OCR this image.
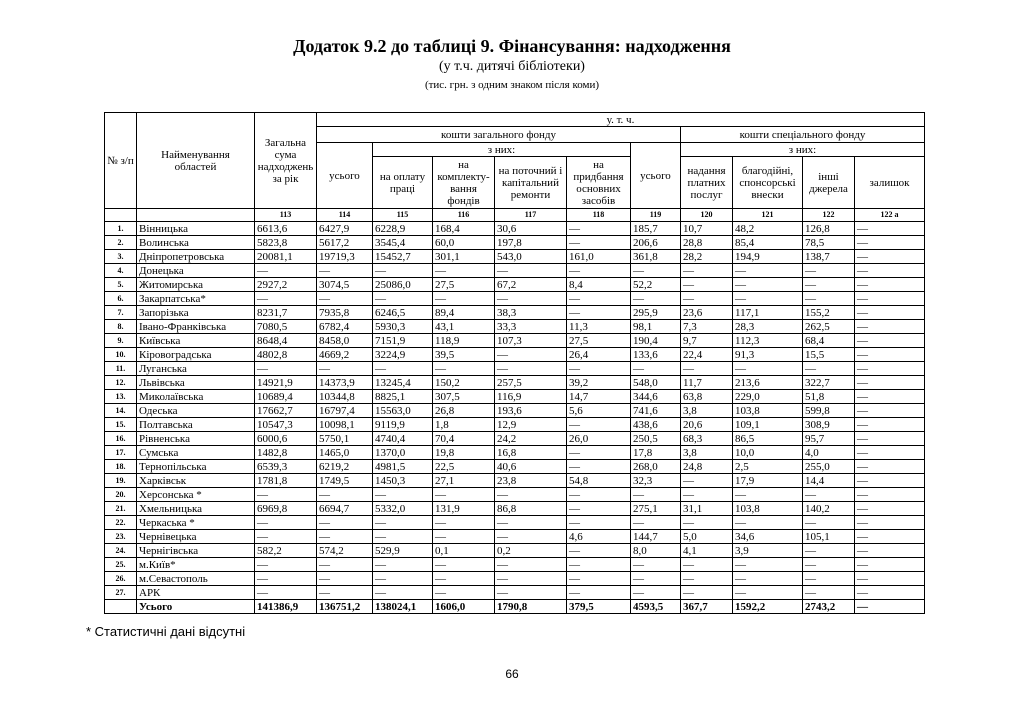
Додаток 9.2 до таблиці 9. Фінансування: надходження
(у т.ч. дитячі бібліотеки)
(тис. грн. з одним знаком після коми)
№ з/п	Найменування областей	Загальна сума надходжень за рік	у. т. ч.									
			кошти загального фонду						кошти спеціального фонду			
			усього	з них:				усього	з них:			
				на оплату праці	на комплекту- вання фондів	на поточний і капітальний ремонти	на придбання основних засобів		надання платних послуг	благодійні, спонсорські внески	інші джерела	залишок
		113	114	115	116	117	118	119	120	121	122	122 а
1.	Вінницька	6613,6	6427,9	6228,9	168,4	30,6	—	185,7	10,7	48,2	126,8	—
2.	Волинська	5823,8	5617,2	3545,4	60,0	197,8	—	206,6	28,8	85,4	78,5	—
3.	Дніпропетровська	20081,1	19719,3	15452,7	301,1	543,0	161,0	361,8	28,2	194,9	138,7	—
4.	Донецька	—	—	—	—	—	—	—	—	—	—	—
5.	Житомирська	2927,2	3074,5	25086,0	27,5	67,2	8,4	52,2	—	—	—	—
6.	Закарпатська*	—	—	—	—	—	—	—	—	—	—	—
7.	Запорізька	8231,7	7935,8	6246,5	89,4	38,3	—	295,9	23,6	117,1	155,2	—
8.	Івано-Франківська	7080,5	6782,4	5930,3	43,1	33,3	11,3	98,1	7,3	28,3	262,5	—
9.	Київська	8648,4	8458,0	7151,9	118,9	107,3	27,5	190,4	9,7	112,3	68,4	—
10.	Кіровоградська	4802,8	4669,2	3224,9	39,5	—	26,4	133,6	22,4	91,3	15,5	—
11.	Луганська	—	—	—	—	—	—	—	—	—	—	—
12.	Львівська	14921,9	14373,9	13245,4	150,2	257,5	39,2	548,0	11,7	213,6	322,7	—
13.	Миколаївська	10689,4	10344,8	8825,1	307,5	116,9	14,7	344,6	63,8	229,0	51,8	—
14.	Одеська	17662,7	16797,4	15563,0	26,8	193,6	5,6	741,6	3,8	103,8	599,8	—
15.	Полтавська	10547,3	10098,1	9119,9	1,8	12,9	—	438,6	20,6	109,1	308,9	—
16.	Рівненська	6000,6	5750,1	4740,4	70,4	24,2	26,0	250,5	68,3	86,5	95,7	—
17.	Сумська	1482,8	1465,0	1370,0	19,8	16,8	—	17,8	3,8	10,0	4,0	—
18.	Тернопільська	6539,3	6219,2	4981,5	22,5	40,6	—	268,0	24,8	2,5	255,0	—
19.	Харківськ	1781,8	1749,5	1450,3	27,1	23,8	54,8	32,3	—	17,9	14,4	—
20.	Херсонська *	—	—	—	—	—	—	—	—	—	—	—
21.	Хмельницька	6969,8	6694,7	5332,0	131,9	86,8	—	275,1	31,1	103,8	140,2	—
22.	Черкаська *	—	—	—	—	—	—	—	—	—	—	—
23.	Чернівецька	—	—	—	—	—	4,6	144,7	5,0	34,6	105,1	—
24.	Чернігівська	582,2	574,2	529,9	0,1	0,2	—	8,0	4,1	3,9	—	—
25.	м.Київ*	—	—	—	—	—	—	—	—	—	—	—
26.	м.Севастополь	—	—	—	—	—	—	—	—	—	—	—
27.	АРК	—	—	—	—	—	—	—	—	—	—	—
	Усього	141386,9	136751,2	138024,1	1606,0	1790,8	379,5	4593,5	367,7	1592,2	2743,2	—
* Статистичні дані відсутні
66
